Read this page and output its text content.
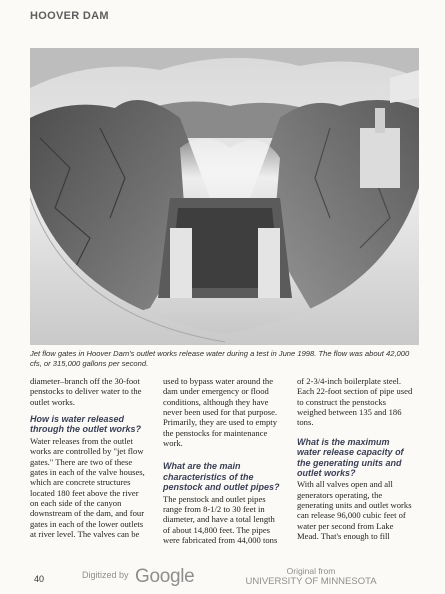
HOOVER DAM
Jet flow gates in Hoover Dam's outlet works release water during a test in June 1998. The flow was about 42,000 cfs, or 315,000 gallons per second.

diameter–branch off the 30-foot penstocks to deliver water to the outlet works.

How is water released through the outlet works?

Water releases from the outlet works are controlled by "jet flow gates." There are two of these gates in each of the valve houses, which are concrete structures located 180 feet above the river on each side of the canyon downstream of the dam, and four gates in each of the lower outlets at river level. The valves can be

used to bypass water around the dam under emergency or flood conditions, although they have never been used for that purpose. Primarily, they are used to empty the penstocks for maintenance work.

What are the main characteristics of the penstock and outlet pipes?

The penstock and outlet pipes range from 8-1/2 to 30 feet in diameter, and have a total length of about 14,800 feet. The pipes were fabricated from 44,000 tons

of 2-3/4-inch boilerplate steel. Each 22-foot section of pipe used to construct the penstocks weighed between 135 and 186 tons.

What is the maximum water release capacity of the generating units and outlet works?

With all valves open and all generators operating, the generating units and outlet works can release 96,000 cubic feet of water per second from Lake Mead. That's enough to fill

40	$^{Digitized by}$ Google	Original from
UNIVERSITY OF MINNESOTA
